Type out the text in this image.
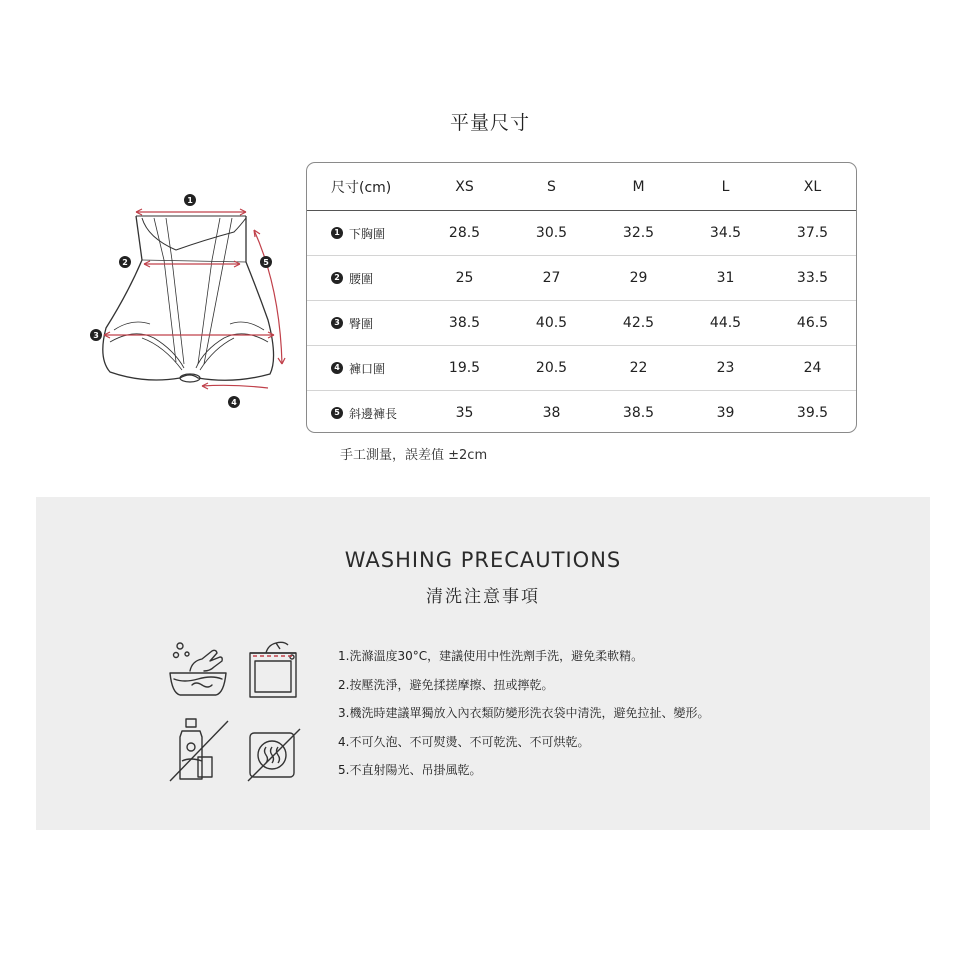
平量尺寸
1
2
3
4
5
尺寸(cm)	XS	S	M	L	XL
1 下胸圍	28.5	30.5	32.5	34.5	37.5
2 腰圍	25	27	29	31	33.5
3 臀圍	38.5	40.5	42.5	44.5	46.5
4 褲口圍	19.5	20.5	22	23	24
5 斜邊褲長	35	38	38.5	39	39.5
手工測量，誤差值 ±2cm
WASHING PRECAUTIONS
清洗注意事項
1.洗滌溫度30°C，建議使用中性洗劑手洗，避免柔軟精。
2.按壓洗淨，避免揉搓摩擦、扭或擰乾。
3.機洗時建議單獨放入內衣類防變形洗衣袋中清洗，避免拉扯、變形。
4.不可久泡、不可熨燙、不可乾洗、不可烘乾。
5.不直射陽光、吊掛風乾。
